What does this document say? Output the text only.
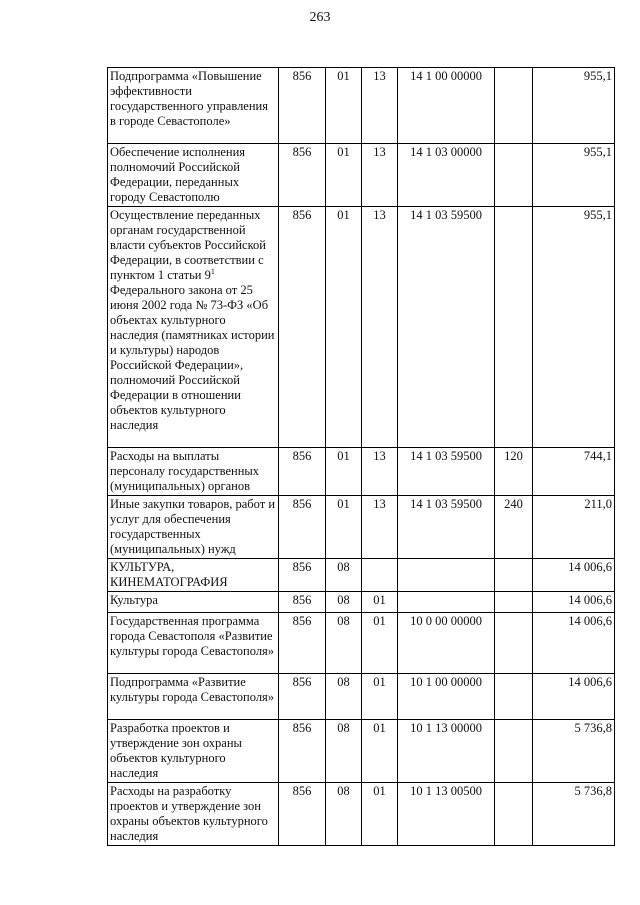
263
Подпрограмма «Повышение эффективности государственного управления в городе Севастополе»	856	01	13	14 1 00 00000		955,1
Обеспечение исполнения полномочий Российской Федерации, переданных городу Севастополю	856	01	13	14 1 03 00000		955,1
Осуществление переданных органам государственной власти субъектов Российской Федерации, в соответствии с пунктом 1 статьи $9^1$ Федерального закона от 25 июня 2002 года № 73-ФЗ «Об объектах культурного наследия (памятниках истории и культуры) народов Российской Федерации», полномочий Российской Федерации в отношении объектов культурного наследия	856	01	13	14 1 03 59500		955,1
Расходы на выплаты персоналу государственных (муниципальных) органов	856	01	13	14 1 03 59500	120	744,1
Иные закупки товаров, работ и услуг для обеспечения государственных (муниципальных) нужд	856	01	13	14 1 03 59500	240	211,0
КУЛЬТУРА, КИНЕМАТОГРАФИЯ	856	08				14 006,6
Культура	856	08	01			14 006,6
Государственная программа города Севастополя «Развитие культуры города Севастополя»	856	08	01	10 0 00 00000		14 006,6
Подпрограмма «Развитие культуры города Севастополя»	856	08	01	10 1 00 00000		14 006,6
Разработка проектов и утверждение зон охраны объектов культурного наследия	856	08	01	10 1 13 00000		5 736,8
Расходы на разработку проектов и утверждение зон охраны объектов культурного наследия	856	08	01	10 1 13 00500		5 736,8
